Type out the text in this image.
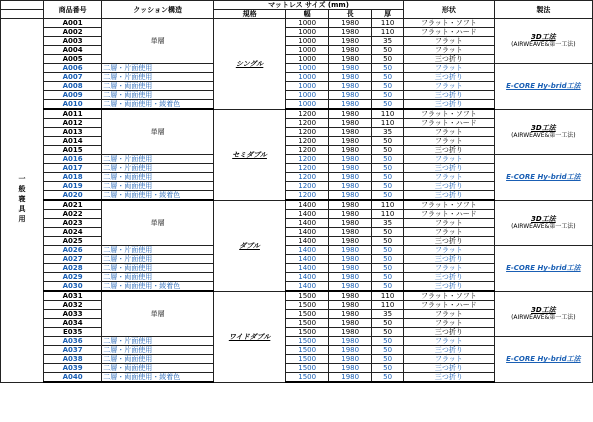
	商品番号	クッション構造	マットレス サイズ (mm)				形状	製法
			規格	幅	長	厚		
一般寝具用	A001	単層	シングル	1000	1980	110	フラット・ソフト	3D工法
(AIRWEAVE&第一工法)

	A002			1000	1980	110	フラット・ハード	
	A003			1000	1980	35	フラット	
	A004			1000	1980	50	フラット	
	A005			1000	1980	50	三つ折り	
	A006	二層・片面使用		1000	1980	50	フラット	E-CORE Hy-brid工法
	A007	二層・片面使用		1000	1980	50	三つ折り	
	A008	二層・両面使用		1000	1980	50	フラット	
	A009	二層・両面使用		1000	1980	50	三つ折り	
	A010	二層・両面使用・綾着色		1000	1980	50	三つ折り	
	A011	単層	セミダブル	1200	1980	110	フラット・ソフト	3D工法
(AIRWEAVE&第一工法)

	A012			1200	1980	110	フラット・ハード	
	A013			1200	1980	35	フラット	
	A014			1200	1980	50	フラット	
	A015			1200	1980	50	三つ折り	
	A016	二層・片面使用		1200	1980	50	フラット	E-CORE Hy-brid工法
	A017	二層・片面使用		1200	1980	50	三つ折り	
	A018	二層・両面使用		1200	1980	50	フラット	
	A019	二層・両面使用		1200	1980	50	三つ折り	
	A020	二層・両面使用・綾着色		1200	1980	50	三つ折り	
	A021	単層	ダブル	1400	1980	110	フラット・ソフト	3D工法
(AIRWEAVE&第一工法)

	A022			1400	1980	110	フラット・ハード	
	A023			1400	1980	35	フラット	
	A024			1400	1980	50	フラット	
	A025			1400	1980	50	三つ折り	
	A026	二層・片面使用		1400	1980	50	フラット	E-CORE Hy-brid工法
	A027	二層・片面使用		1400	1980	50	三つ折り	
	A028	二層・両面使用		1400	1980	50	フラット	
	A029	二層・両面使用		1400	1980	50	三つ折り	
	A030	二層・両面使用・綾着色		1400	1980	50	三つ折り	
	A031	単層	ワイドダブル	1500	1980	110	フラット・ソフト	3D工法
(AIRWEAVE&第一工法)

	A032			1500	1980	110	フラット・ハード	
	A033			1500	1980	35	フラット	
	A034			1500	1980	50	フラット	
	E035			1500	1980	50	三つ折り	
	A036	二層・片面使用		1500	1980	50	フラット	E-CORE Hy-brid工法
	A037	二層・片面使用		1500	1980	50	三つ折り	
	A038	二層・両面使用		1500	1980	50	フラット	
	A039	二層・両面使用		1500	1980	50	三つ折り	
	A040	二層・両面使用・綾着色		1500	1980	50	三つ折り	
